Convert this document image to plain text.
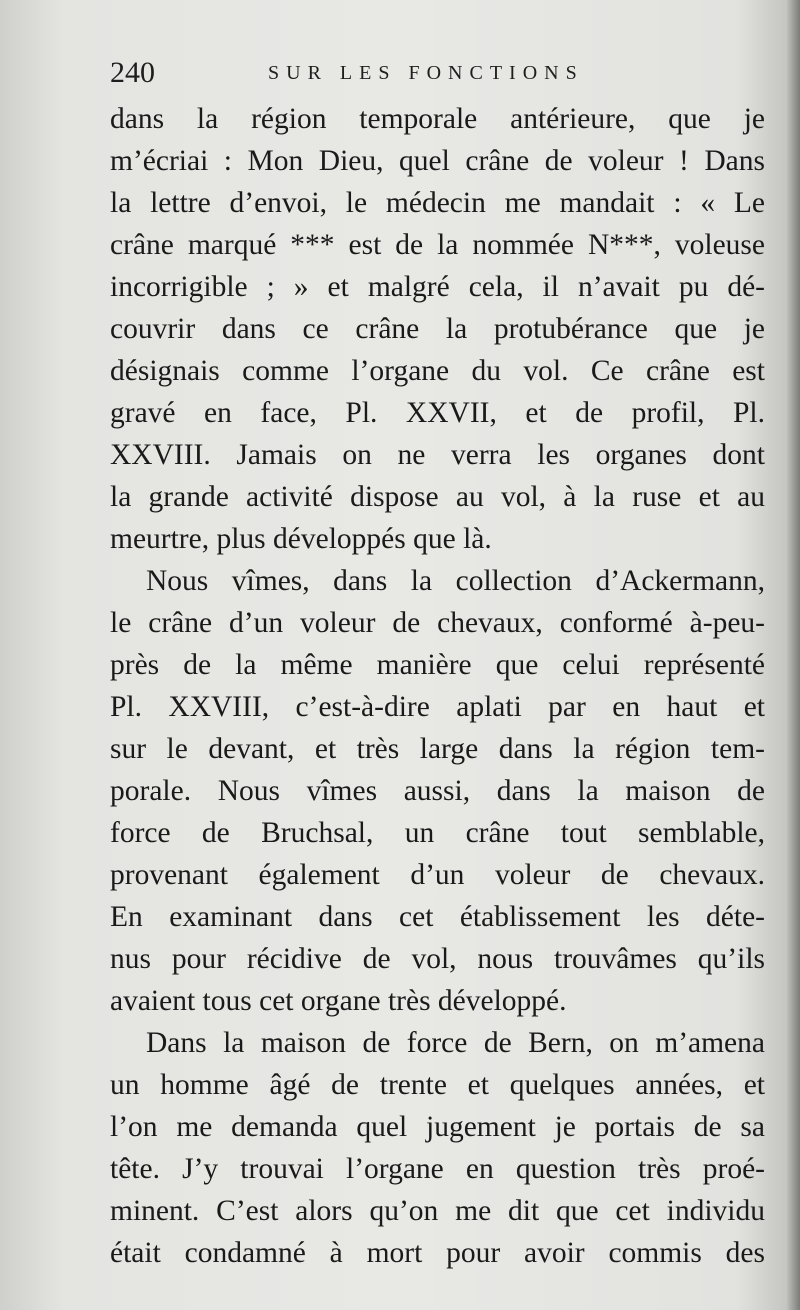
240	SUR LES FONCTIONS
dans la région temporale antérieure, que je
m’écriai : Mon Dieu, quel crâne de voleur ! Dans
la lettre d’envoi, le médecin me mandait : « Le
crâne marqué *** est de la nommée N***, voleuse
incorrigible ; » et malgré cela, il n’avait pu dé-
couvrir dans ce crâne la protubérance que je
désignais comme l’organe du vol. Ce crâne est
gravé en face, Pl. XXVII, et de profil, Pl.
XXVIII. Jamais on ne verra les organes dont
la grande activité dispose au vol, à la ruse et au
meurtre, plus développés que là.
Nous vîmes, dans la collection d’Ackermann,
le crâne d’un voleur de chevaux, conformé à-peu-
près de la même manière que celui représenté
Pl. XXVIII, c’est-à-dire aplati par en haut et
sur le devant, et très large dans la région tem-
porale. Nous vîmes aussi, dans la maison de
force de Bruchsal, un crâne tout semblable,
provenant également d’un voleur de chevaux.
En examinant dans cet établissement les déte-
nus pour récidive de vol, nous trouvâmes qu’ils
avaient tous cet organe très développé.
Dans la maison de force de Bern, on m’amena
un homme âgé de trente et quelques années, et
l’on me demanda quel jugement je portais de sa
tête. J’y trouvai l’organe en question très proé-
minent. C’est alors qu’on me dit que cet individu
était condamné à mort pour avoir commis des
